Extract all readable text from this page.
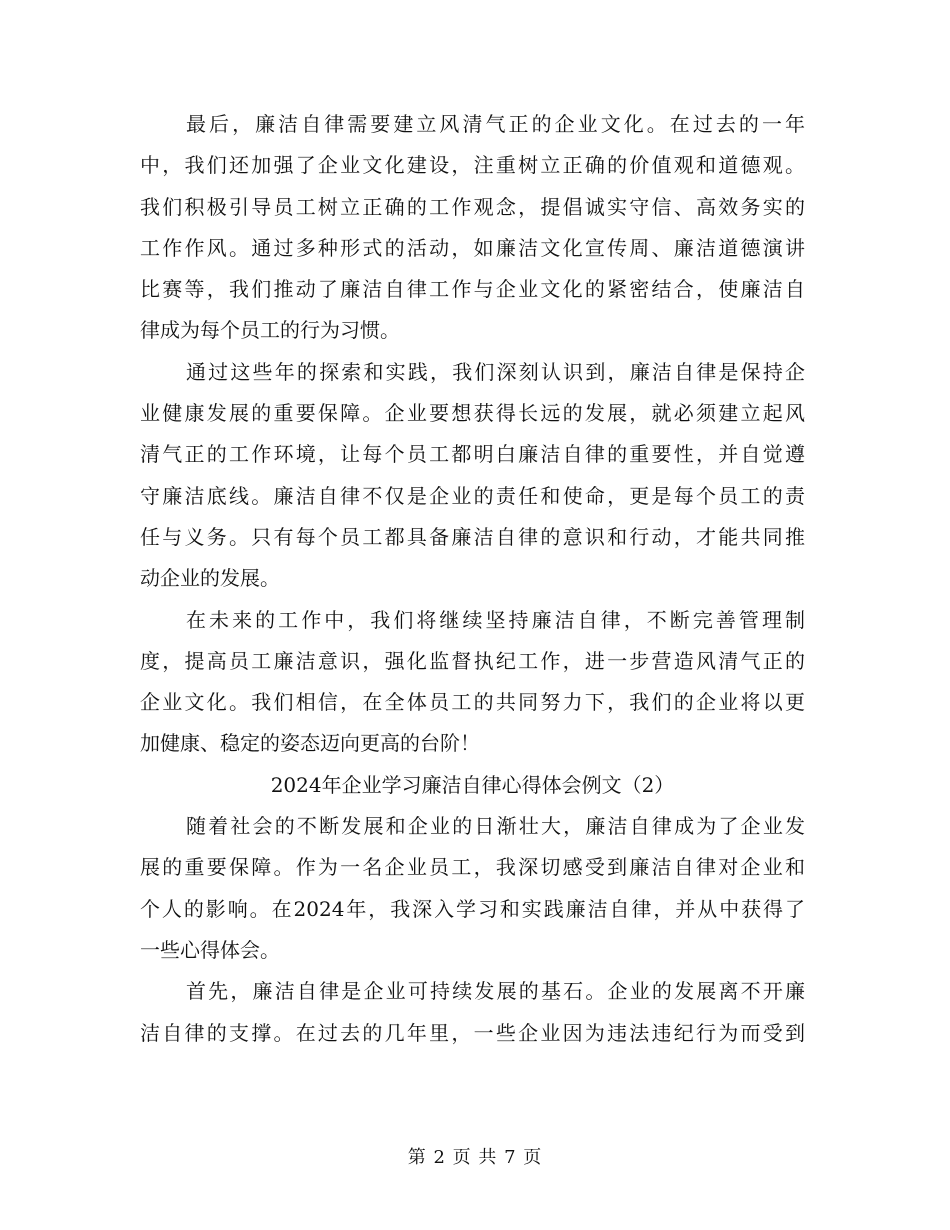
最后，廉洁自律需要建立风清气正的企业文化。在过去的一年
中，我们还加强了企业文化建设，注重树立正确的价值观和道德观。
我们积极引导员工树立正确的工作观念，提倡诚实守信、高效务实的
工作作风。通过多种形式的活动，如廉洁文化宣传周、廉洁道德演讲
比赛等，我们推动了廉洁自律工作与企业文化的紧密结合，使廉洁自
律成为每个员工的行为习惯。
通过这些年的探索和实践，我们深刻认识到，廉洁自律是保持企
业健康发展的重要保障。企业要想获得长远的发展，就必须建立起风
清气正的工作环境，让每个员工都明白廉洁自律的重要性，并自觉遵
守廉洁底线。廉洁自律不仅是企业的责任和使命，更是每个员工的责
任与义务。只有每个员工都具备廉洁自律的意识和行动，才能共同推
动企业的发展。
在未来的工作中，我们将继续坚持廉洁自律，不断完善管理制
度，提高员工廉洁意识，强化监督执纪工作，进一步营造风清气正的
企业文化。我们相信，在全体员工的共同努力下，我们的企业将以更
加健康、稳定的姿态迈向更高的台阶！
2024年企业学习廉洁自律心得体会例文（2）
随着社会的不断发展和企业的日渐壮大，廉洁自律成为了企业发
展的重要保障。作为一名企业员工，我深切感受到廉洁自律对企业和
个人的影响。在2024年，我深入学习和实践廉洁自律，并从中获得了
一些心得体会。
首先，廉洁自律是企业可持续发展的基石。企业的发展离不开廉
洁自律的支撑。在过去的几年里，一些企业因为违法违纪行为而受到
第 2 页 共 7 页
